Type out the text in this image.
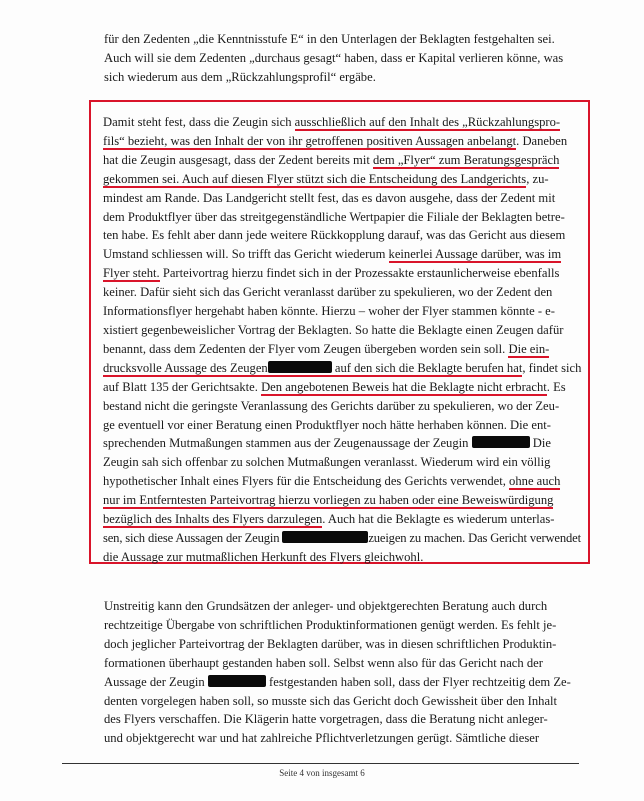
für den Zedenten „die Kenntnisstufe E“ in den Unterlagen der Beklagten festgehalten sei.
Auch will sie dem Zedenten „durchaus gesagt“ haben, dass er Kapital verlieren könne, was
sich wiederum aus dem „Rückzahlungsprofil“ ergäbe.

Damit steht fest, dass die Zeugin sich ausschließlich auf den Inhalt des „Rückzahlungspro-
fils“ bezieht, was den Inhalt der von ihr getroffenen positiven Aussagen anbelangt. Daneben
hat die Zeugin ausgesagt, dass der Zedent bereits mit dem „Flyer“ zum Beratungsgespräch
gekommen sei. Auch auf diesen Flyer stützt sich die Entscheidung des Landgerichts, zu-
mindest am Rande. Das Landgericht stellt fest, das es davon ausgehe, dass der Zedent mit
dem Produktflyer über das streitgegenständliche Wertpapier die Filiale der Beklagten betre-
ten habe. Es fehlt aber dann jede weitere Rückkopplung darauf, was das Gericht aus diesem
Umstand schliessen will. So trifft das Gericht wiederum keinerlei Aussage darüber, was im
Flyer steht. Parteivortrag hierzu findet sich in der Prozessakte erstaunlicherweise ebenfalls
keiner. Dafür sieht sich das Gericht veranlasst darüber zu spekulieren, wo der Zedent den
Informationsflyer hergehabt haben könnte. Hierzu – woher der Flyer stammen könnte - e-
xistiert gegenbeweislicher Vortrag der Beklagten. So hatte die Beklagte einen Zeugen dafür
benannt, dass dem Zedenten der Flyer vom Zeugen übergeben worden sein soll. Die ein-
drucksvolle Aussage des Zeugen	auf den sich die Beklagte berufen hat, findet sich
auf Blatt 135 der Gerichtsakte. Den angebotenen Beweis hat die Beklagte nicht erbracht. Es
bestand nicht die geringste Veranlassung des Gerichts darüber zu spekulieren, wo der Zeu-
ge eventuell vor einer Beratung einen Produktflyer noch hätte herhaben können. Die ent-
sprechenden Mutmaßungen stammen aus der Zeugenaussage der Zeugin	Die
Zeugin sah sich offenbar zu solchen Mutmaßungen veranlasst. Wiederum wird ein völlig
hypothetischer Inhalt eines Flyers für die Entscheidung des Gerichts verwendet, ohne auch
nur im Entferntesten Parteivortrag hierzu vorliegen zu haben oder eine Beweiswürdigung
bezüglich des Inhalts des Flyers darzulegen. Auch hat die Beklagte es wiederum unterlas-
sen, sich diese Aussagen der Zeugin	zueigen zu machen. Das Gericht verwendet
die Aussage zur mutmaßlichen Herkunft des Flyers gleichwohl.

Unstreitig kann den Grundsätzen der anleger- und objektgerechten Beratung auch durch
rechtzeitige Übergabe von schriftlichen Produktinformationen genügt werden. Es fehlt je-
doch jeglicher Parteivortrag der Beklagten darüber, was in diesen schriftlichen Produktin-
formationen überhaupt gestanden haben soll. Selbst wenn also für das Gericht nach der
Aussage der Zeugin	festgestanden haben soll, dass der Flyer rechtzeitig dem Ze-
denten vorgelegen haben soll, so musste sich das Gericht doch Gewissheit über den Inhalt
des Flyers verschaffen. Die Klägerin hatte vorgetragen, dass die Beratung nicht anleger-
und objektgerecht war und hat zahlreiche Pflichtverletzungen gerügt. Sämtliche dieser

Seite 4 von insgesamt 6
